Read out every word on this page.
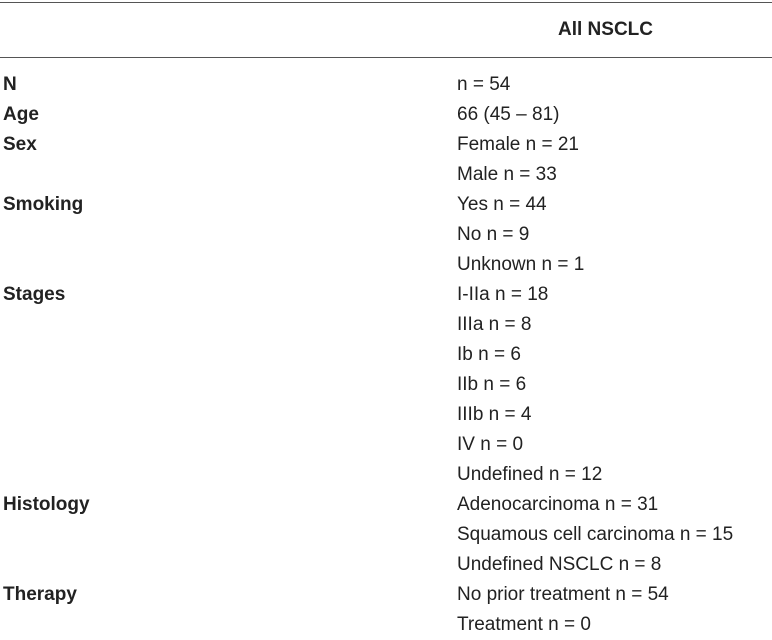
All NSCLC
N	n = 54
Age	66 (45 – 81)
Sex	Female n = 21
Male n = 33
Smoking	Yes n = 44
No n = 9
Unknown n = 1
Stages	I-IIa n = 18
IIIa n = 8
Ib n = 6
IIb n = 6
IIIb n = 4
IV n = 0
Undefined n = 12
Histology	Adenocarcinoma n = 31
Squamous cell carcinoma n = 15
Undefined NSCLC n = 8
Therapy	No prior treatment n = 54
Treatment n = 0
